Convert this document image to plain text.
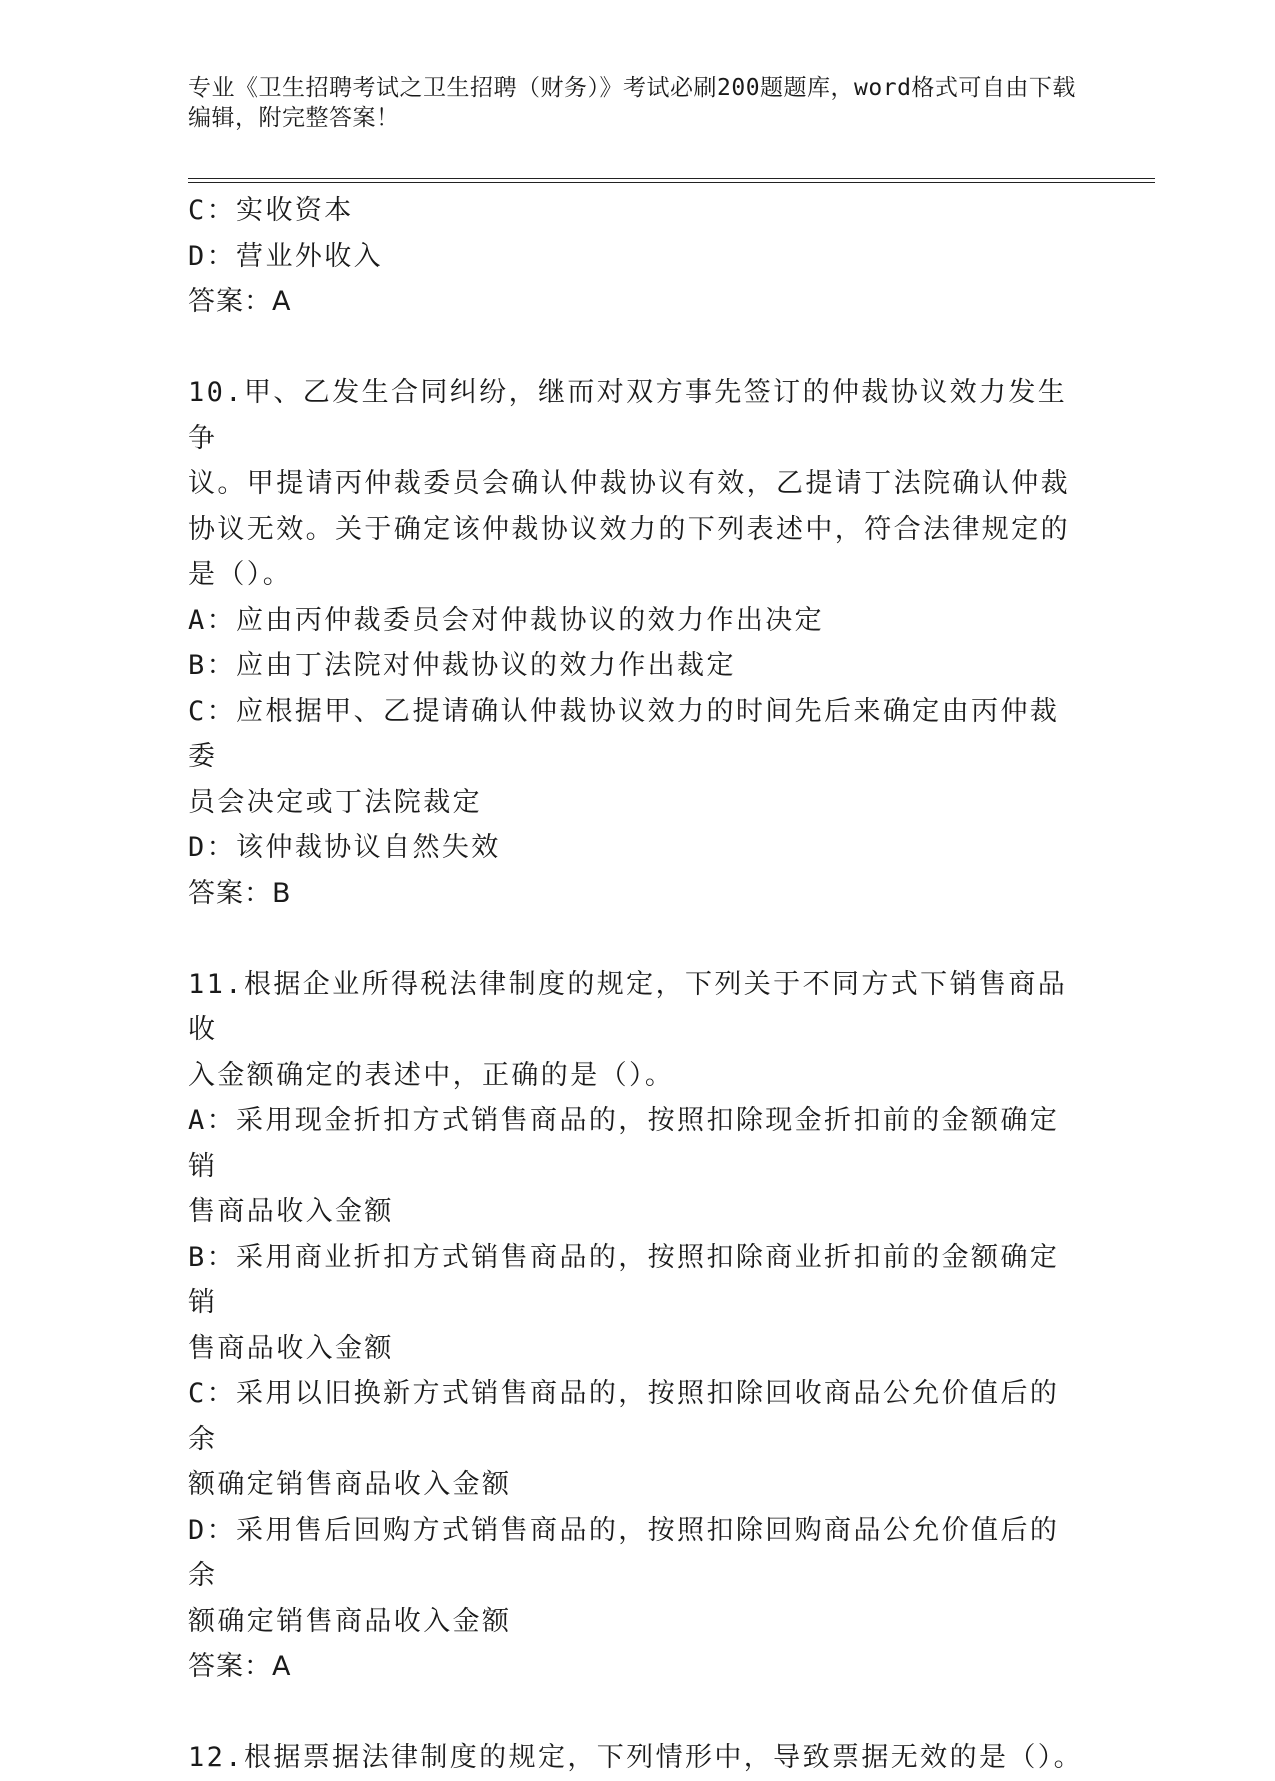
专业《卫生招聘考试之卫生招聘（财务）》考试必刷200题题库，word格式可自由下载编辑，附完整答案！

C：实收资本

D：营业外收入

答案：A

10.甲、乙发生合同纠纷，继而对双方事先签订的仲裁协议效力发生争

议。甲提请丙仲裁委员会确认仲裁协议有效，乙提请丁法院确认仲裁

协议无效。关于确定该仲裁协议效力的下列表述中，符合法律规定的

是（）。

A：应由丙仲裁委员会对仲裁协议的效力作出决定

B：应由丁法院对仲裁协议的效力作出裁定

C：应根据甲、乙提请确认仲裁协议效力的时间先后来确定由丙仲裁委

员会决定或丁法院裁定

D：该仲裁协议自然失效

答案：B

11.根据企业所得税法律制度的规定，下列关于不同方式下销售商品收

入金额确定的表述中，正确的是（）。

A：采用现金折扣方式销售商品的，按照扣除现金折扣前的金额确定销

售商品收入金额

B：采用商业折扣方式销售商品的，按照扣除商业折扣前的金额确定销

售商品收入金额

C：采用以旧换新方式销售商品的，按照扣除回收商品公允价值后的余

额确定销售商品收入金额

D：采用售后回购方式销售商品的，按照扣除回购商品公允价值后的余

额确定销售商品收入金额

答案：A

12.根据票据法律制度的规定，下列情形中，导致票据无效的是（）。
